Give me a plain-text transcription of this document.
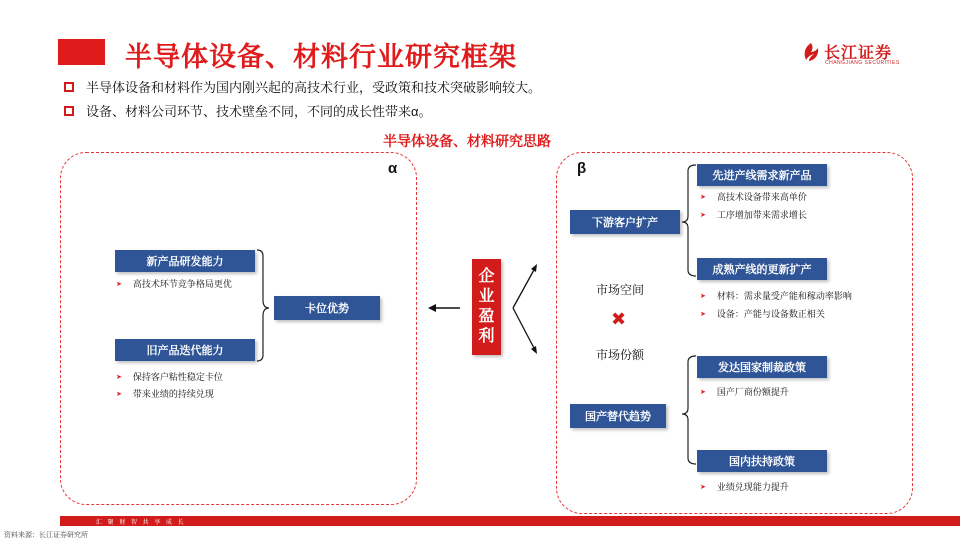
半导体设备、材料行业研究框架	长江证券
CHANGJIANG SECURITIES
半导体设备和材料作为国内刚兴起的高技术行业，受政策和技术突破影响较大。
设备、材料公司环节、技术壁垒不同，不同的成长性带来α。
半导体设备、材料研究思路
α	β
新产品研发能力
➤ 高技术环节竞争格局更优
卡位优势
旧产品迭代能力
➤ 保持客户粘性稳定卡位
➤ 带来业绩的持续兑现
企
业
盈
利
市场空间
✖
市场份额
下游客户扩产
先进产线需求新产品
➤ 高技术设备带来高单价
➤ 工序增加带来需求增长
成熟产线的更新扩产
➤ 材料：需求量受产能和稼动率影响
➤ 设备：产能与设备数正相关
国产替代趋势
发达国家制裁政策
➤ 国产厂商份额提升
国内扶持政策
➤ 业绩兑现能力提升
汇 聚 财 智 共 享 成 长
资料来源：长江证券研究所
